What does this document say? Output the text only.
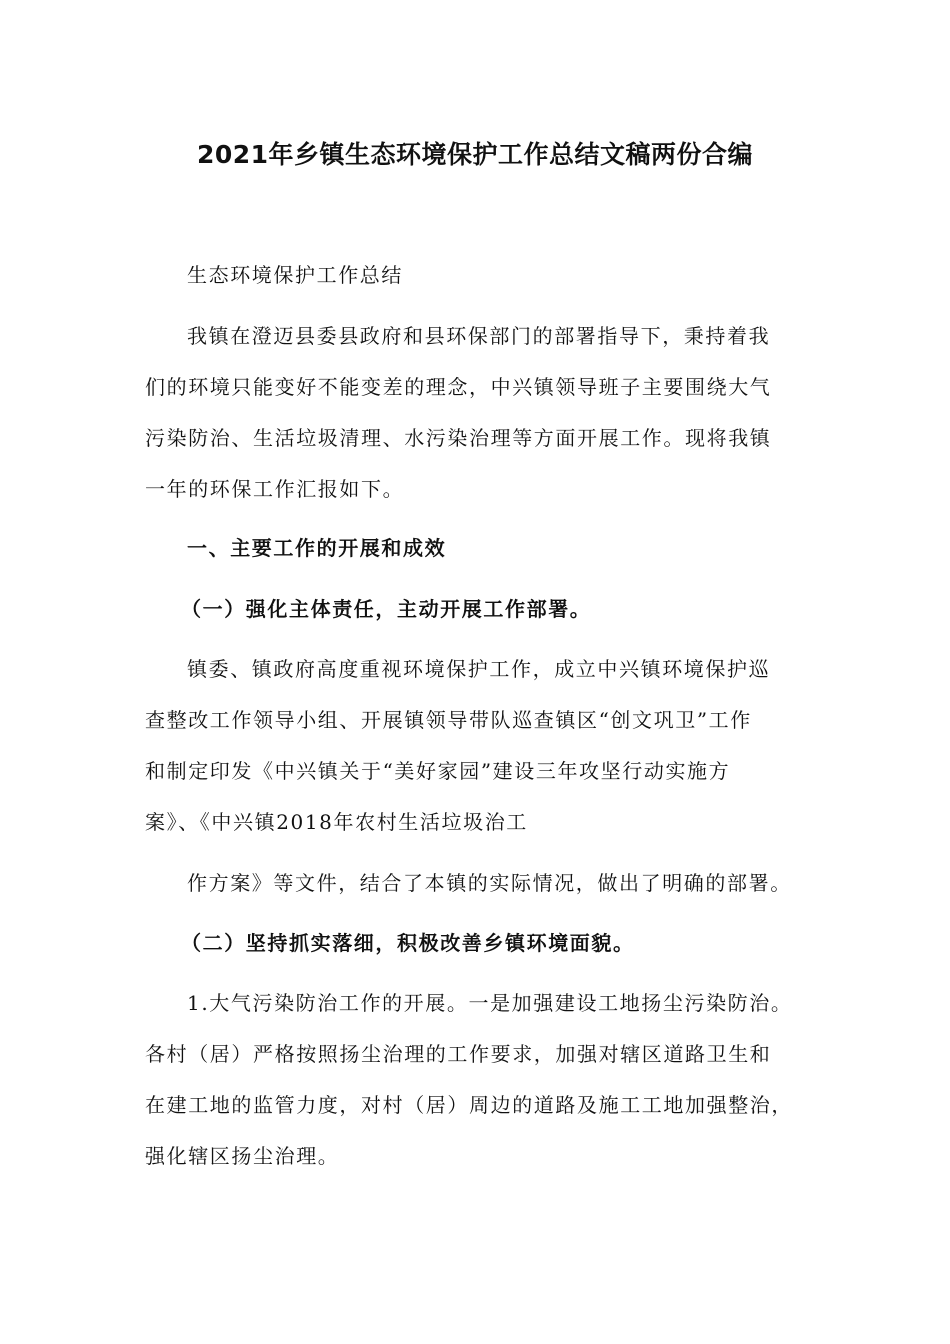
2021年乡镇生态环境保护工作总结文稿两份合编
生态环境保护工作总结
我镇在澄迈县委县政府和县环保部门的部署指导下，秉持着我
们的环境只能变好不能变差的理念，中兴镇领导班子主要围绕大气
污染防治、生活垃圾清理、水污染治理等方面开展工作。现将我镇
一年的环保工作汇报如下。
一、主要工作的开展和成效
（一）强化主体责任，主动开展工作部署。
镇委、镇政府高度重视环境保护工作，成立中兴镇环境保护巡
查整改工作领导小组、开展镇领导带队巡查镇区“创文巩卫”工作
和制定印发《中兴镇关于“美好家园”建设三年攻坚行动实施方
案》、《中兴镇2018年农村生活垃圾治工
作方案》等文件，结合了本镇的实际情况，做出了明确的部署。
（二）坚持抓实落细，积极改善乡镇环境面貌。
1.大气污染防治工作的开展。一是加强建设工地扬尘污染防治。
各村（居）严格按照扬尘治理的工作要求，加强对辖区道路卫生和
在建工地的监管力度，对村（居）周边的道路及施工工地加强整治，
强化辖区扬尘治理。
